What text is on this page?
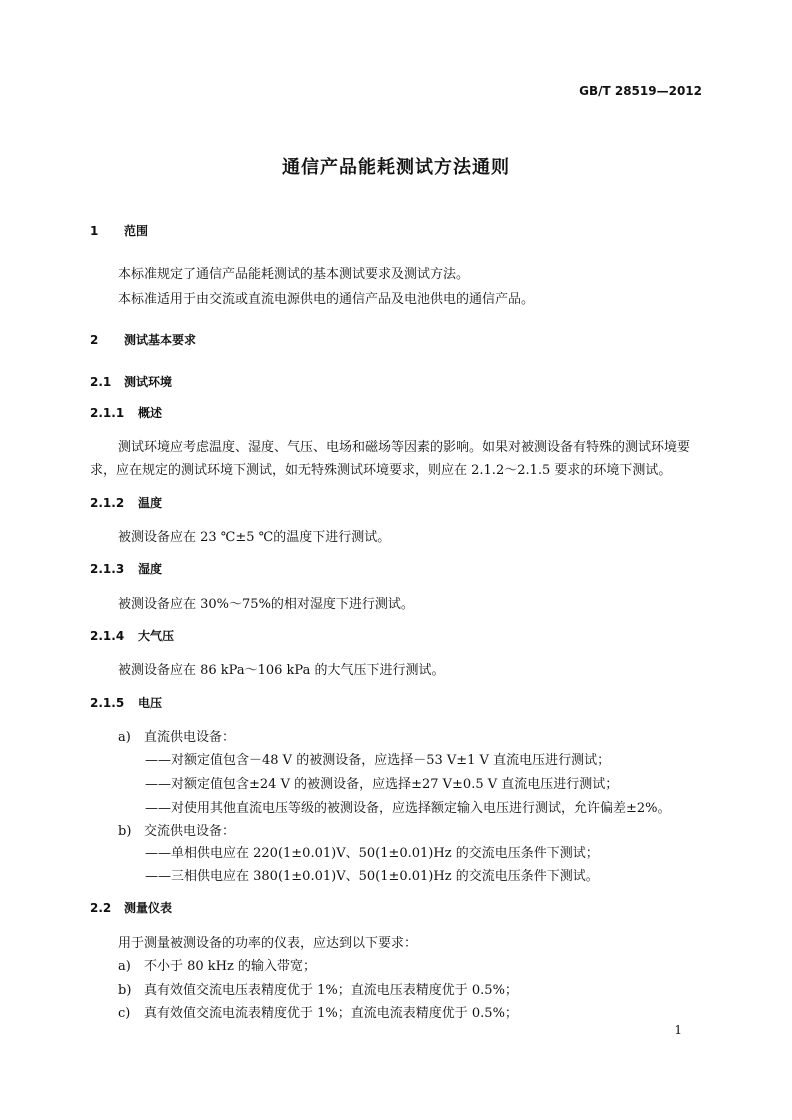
GB/T 28519—2012
通信产品能耗测试方法通则
1 范围
本标准规定了通信产品能耗测试的基本测试要求及测试方法。
本标准适用于由交流或直流电源供电的通信产品及电池供电的通信产品。
2 测试基本要求
2.1 测试环境
2.1.1 概述
测试环境应考虑温度、湿度、气压、电场和磁场等因素的影响。如果对被测设备有特殊的测试环境要
求，应在规定的测试环境下测试，如无特殊测试环境要求，则应在 2.1.2～2.1.5 要求的环境下测试。
2.1.2 温度
被测设备应在 23 ℃±5 ℃的温度下进行测试。
2.1.3 湿度
被测设备应在 30%～75%的相对湿度下进行测试。
2.1.4 大气压
被测设备应在 86 kPa～106 kPa 的大气压下进行测试。
2.1.5 电压
a) 直流供电设备：
——对额定值包含－48 V 的被测设备，应选择－53 V±1 V 直流电压进行测试；
——对额定值包含±24 V 的被测设备，应选择±27 V±0.5 V 直流电压进行测试；
——对使用其他直流电压等级的被测设备，应选择额定输入电压进行测试，允许偏差±2%。
b) 交流供电设备：
——单相供电应在 220(1±0.01)V、50(1±0.01)Hz 的交流电压条件下测试；
——三相供电应在 380(1±0.01)V、50(1±0.01)Hz 的交流电压条件下测试。
2.2 测量仪表
用于测量被测设备的功率的仪表，应达到以下要求：
a) 不小于 80 kHz 的输入带宽；
b) 真有效值交流电压表精度优于 1%；直流电压表精度优于 0.5%；
c) 真有效值交流电流表精度优于 1%；直流电流表精度优于 0.5%；
1
